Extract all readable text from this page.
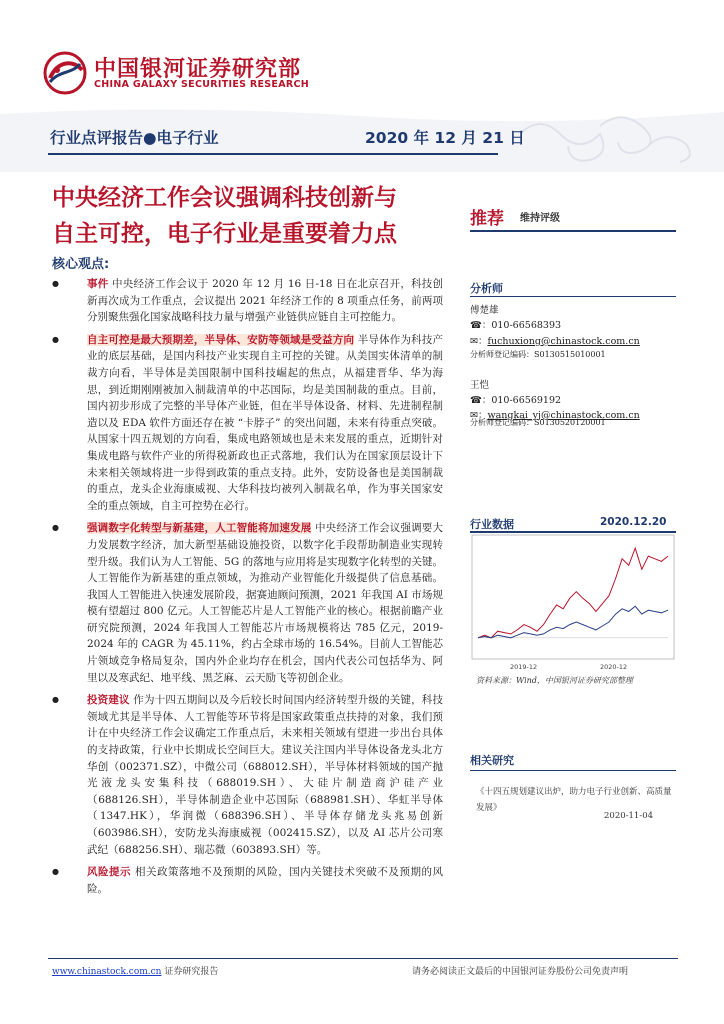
中国银河证券研究部
CHINA GALAXY SECURITIES RESEARCH
行业点评报告●电子行业	2020 年 12 月 21 日
中央经济工作会议强调科技创新与
自主可控，电子行业是重要着力点
推荐 维持评级
核心观点:
● 事件 中央经济工作会议于 2020 年 12 月 16 日-18 日在北京召开，科技创新再次成为工作重点，会议提出 2021 年经济工作的 8 项重点任务，前两项分别聚焦强化国家战略科技力量与增强产业链供应链自主可控能力。
● 自主可控是最大预期差，半导体、安防等领域是受益方向 半导体作为科技产业的底层基础，是国内科技产业实现自主可控的关键。从美国实体清单的制裁方向看，半导体是美国限制中国科技崛起的焦点，从福建晋华、华为海思，到近期刚刚被加入制裁清单的中芯国际，均是美国制裁的重点。目前，国内初步形成了完整的半导体产业链，但在半导体设备、材料、先进制程制造以及 EDA 软件方面还存在被 “卡脖子” 的突出问题，未来有待重点突破。从国家十四五规划的方向看，集成电路领域也是未来发展的重点，近期针对集成电路与软件产业的所得税新政也正式落地，我们认为在国家顶层设计下未来相关领域将进一步得到政策的重点支持。此外，安防设备也是美国制裁的重点，龙头企业海康威视、大华科技均被列入制裁名单，作为事关国家安全的重点领域，自主可控势在必行。
● 强调数字化转型与新基建，人工智能将加速发展 中央经济工作会议强调要大力发展数字经济，加大新型基础设施投资，以数字化手段帮助制造业实现转型升级。我们认为人工智能、5G 的落地与应用将是实现数字化转型的关键。人工智能作为新基建的重点领域，为推动产业智能化升级提供了信息基础。我国人工智能进入快速发展阶段，据赛迪顾问预测，2021 年我国 AI 市场规模有望超过 800 亿元。人工智能芯片是人工智能产业的核心。根据前瞻产业研究院预测，2024 年我国人工智能芯片市场规模将达 785 亿元，2019-2024 年的 CAGR 为 45.11%，约占全球市场的 16.54%。目前人工智能芯片领域竞争格局复杂，国内外企业均存在机会，国内代表公司包括华为、阿里以及寒武纪、地平线、黑芝麻、云天励飞等初创企业。
● 投资建议 作为十四五期间以及今后较长时间国内经济转型升级的关键，科技领域尤其是半导体、人工智能等环节将是国家政策重点扶持的对象，我们预计在中央经济工作会议确定工作重点后，未来相关领域有望进一步出台具体的支持政策，行业中长期成长空间巨大。建议关注国内半导体设备龙头北方华创（002371.SZ），中微公司（688012.SH），半导体材料领域的国产抛光液龙头安集科技（688019.SH）、大硅片制造商沪硅产业（688126.SH），半导体制造企业中芯国际（688981.SH）、华虹半导体（1347.HK），华润微（688396.SH）、半导体存储龙头兆易创新（603986.SH），安防龙头海康威视（002415.SZ），以及 AI 芯片公司寒武纪（688256.SH）、瑞芯微（603893.SH）等。
● 风险提示 相关政策落地不及预期的风险，国内关键技术突破不及预期的风险。
分析师
傅楚雄
☎：010-66568393
✉：fuchuxiong@chinastock.com.cn
分析师登记编码：S0130515010001
王恺
☎：010-66569192
✉：wangkai_yj@chinastock.com.cn
分析师登记编码：S0130520120001
行业数据	2020.12.20
2019-12	2020-12
资料来源：Wind，中国银河证券研究部整理
相关研究
《十四五规划建议出炉，助力电子行业创新、高质量发展》
2020-11-04
www.chinastock.com.cn 证券研究报告	请务必阅读正文最后的中国银河证券股份公司免责声明
